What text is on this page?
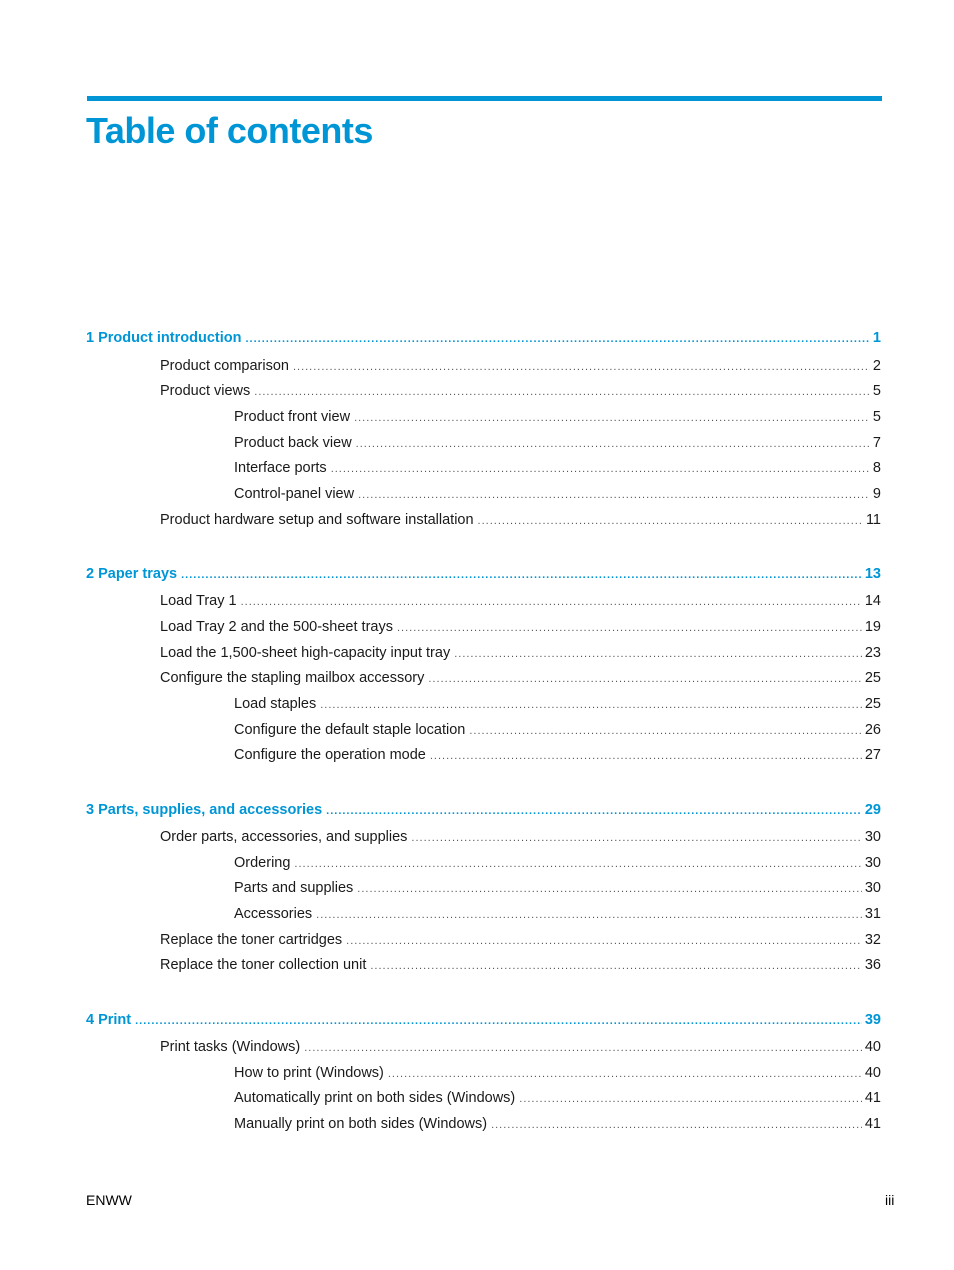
Table of contents
1 Product introduction .....	1
Product comparison .....	2
Product views .....	5
Product front view .....	5
Product back view .....	7
Interface ports .....	8
Control-panel view .....	9
Product hardware setup and software installation .....	11
2 Paper trays .....	13
Load Tray 1 .....	14
Load Tray 2 and the 500-sheet trays .....	19
Load the 1,500-sheet high-capacity input tray .....	23
Configure the stapling mailbox accessory .....	25
Load staples .....	25
Configure the default staple location .....	26
Configure the operation mode .....	27
3 Parts, supplies, and accessories .....	29
Order parts, accessories, and supplies .....	30
Ordering .....	30
Parts and supplies .....	30
Accessories .....	31
Replace the toner cartridges .....	32
Replace the toner collection unit .....	36
4 Print .....	39
Print tasks (Windows) .....	40
How to print (Windows) .....	40
Automatically print on both sides (Windows) .....	41
Manually print on both sides (Windows) .....	41
ENWW	iii
